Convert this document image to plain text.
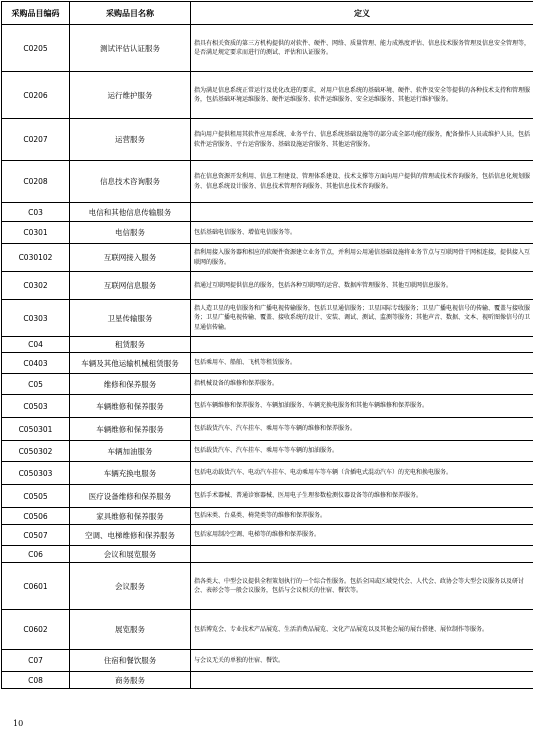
采购品目编码	采购品目名称	定义
C0205	测试评估认证服务	指具有相关资质的第三方机构提供的对软件、硬件、网络、质量管理、能力成熟度评估、信息技术服务管理及信息安全管理等，是否满足规定要求而进行的测试、评估和认证服务。
C0206	运行维护服务	指为满足信息系统正常运行及优化改进的要求，对用户信息系统的基础环境、硬件、软件及安全等提供的各种技术支持和管理服务，包括基础环境运维服务、硬件运维服务、软件运维服务、安全运维服务、其他运行维护服务。
C0207	运营服务	指向用户提供租用其软件应用系统、业务平台、信息系统基础设施等的部分或全部功能的服务，配备操作人员或维护人员，包括软件运营服务、平台运营服务、基础设施运营服务、其他运营服务。
C0208	信息技术咨询服务	指在信息资源开发利用、信息工程建设、管理体系建设、技术支撑等方面向用户提供的管理或技术咨询服务，包括信息化规划服务、信息系统设计服务、信息技术管理咨询服务、其他信息技术咨询服务。
C03	电信和其他信息传输服务	
C0301	电信服务	包括基础电信服务、增值电信服务等。
C030102	互联网接入服务	指利用接入服务器和相应的软硬件资源建立业务节点，并利用公用通信基础设施将业务节点与互联网骨干网相连接，提供接入互联网的服务。
C0302	互联网信息服务	指通过互联网提供信息的服务，包括各种互联网的运营、数据库管理服务、其他互联网信息服务。
C0303	卫星传输服务	指人造卫星的电信服务和广播电视传输服务，包括卫星通信服务；卫星国际专线服务；卫星广播电视信号的传输、覆盖与接收服务；卫星广播电视传输、覆盖、接收系统的设计、安装、调试、测试、监测等服务；其他声音、数据、文本、视听图像信号的卫星通信传输。
C04	租赁服务	
C0403	车辆及其他运输机械租赁服务	包括乘用车、船舶、飞机等租赁服务。
C05	维修和保养服务	指机械设备的维修和保养服务。
C0503	车辆维修和保养服务	包括车辆维修和保养服务、车辆加油服务、车辆充换电服务和其他车辆维修和保养服务。
C050301	车辆维修和保养服务	包括载货汽车、汽车挂车、乘用车等车辆的维修和保养服务。
C050302	车辆加油服务	包括载货汽车、汽车挂车、乘用车等车辆的加油服务。
C050303	车辆充换电服务	包括电动载货汽车、电动汽车挂车、电动乘用车等车辆（含插电式混动汽车）的充电和换电服务。
C0505	医疗设备维修和保养服务	包括手术器械、普通诊察器械、医用电子生理参数检测仪器设备等的维修和保养服务。
C0506	家具维修和保养服务	包括床类、台桌类、椅凳类等的维修和保养服务。
C0507	空调、电梯维修和保养服务	包括家用制冷空调、电梯等的维修和保养服务。
C06	会议和展览服务	
C0601	会议服务	指各类大、中型会议提供全程策划执行的一个综合性服务。包括全国或区域党代会、人代会、政协会等大型会议服务以及研讨会、表彰会等一般会议服务，包括与会议相关的住宿、餐饮等。
C0602	展览服务	包括博览会、专业技术产品展览、生活消费品展览、文化产品展览以及其他会展的展台搭建、展位制作等服务。
C07	住宿和餐饮服务	与会议无关的单独的住宿、餐饮。
C08	商务服务	
10
